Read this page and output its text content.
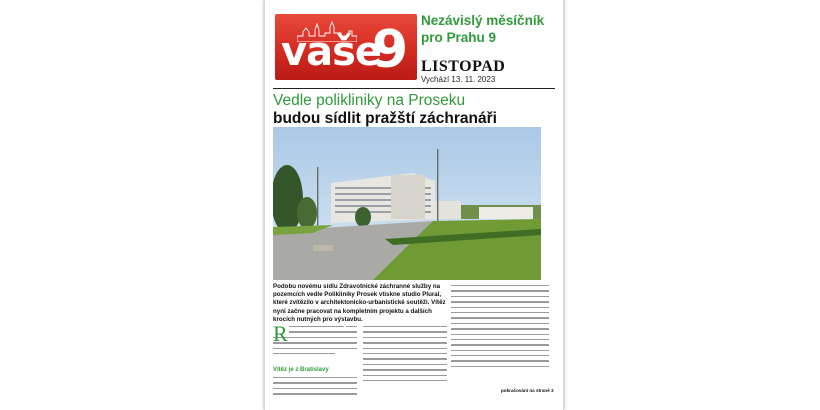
vaše
9 Nezávislý měsíčník
pro Prahu 9
LISTOPAD
Vychází 13. 11. 2023
Vedle polikliniky na Proseku
budou sídlit pražští záchranáři
Podobu novému sídlu Zdravotnické záchranné služby na pozemcích vedle Polikliniky Prosek vtiskne studio Plural, které zvítězilo v architektonicko-urbanistické soutěži. Vítěz nyní začne pracovat na kompletním projektu a dalších krocích nutných pro výstavbu.
R
Vítěz je z Bratislavy
pokračování na straně 3
